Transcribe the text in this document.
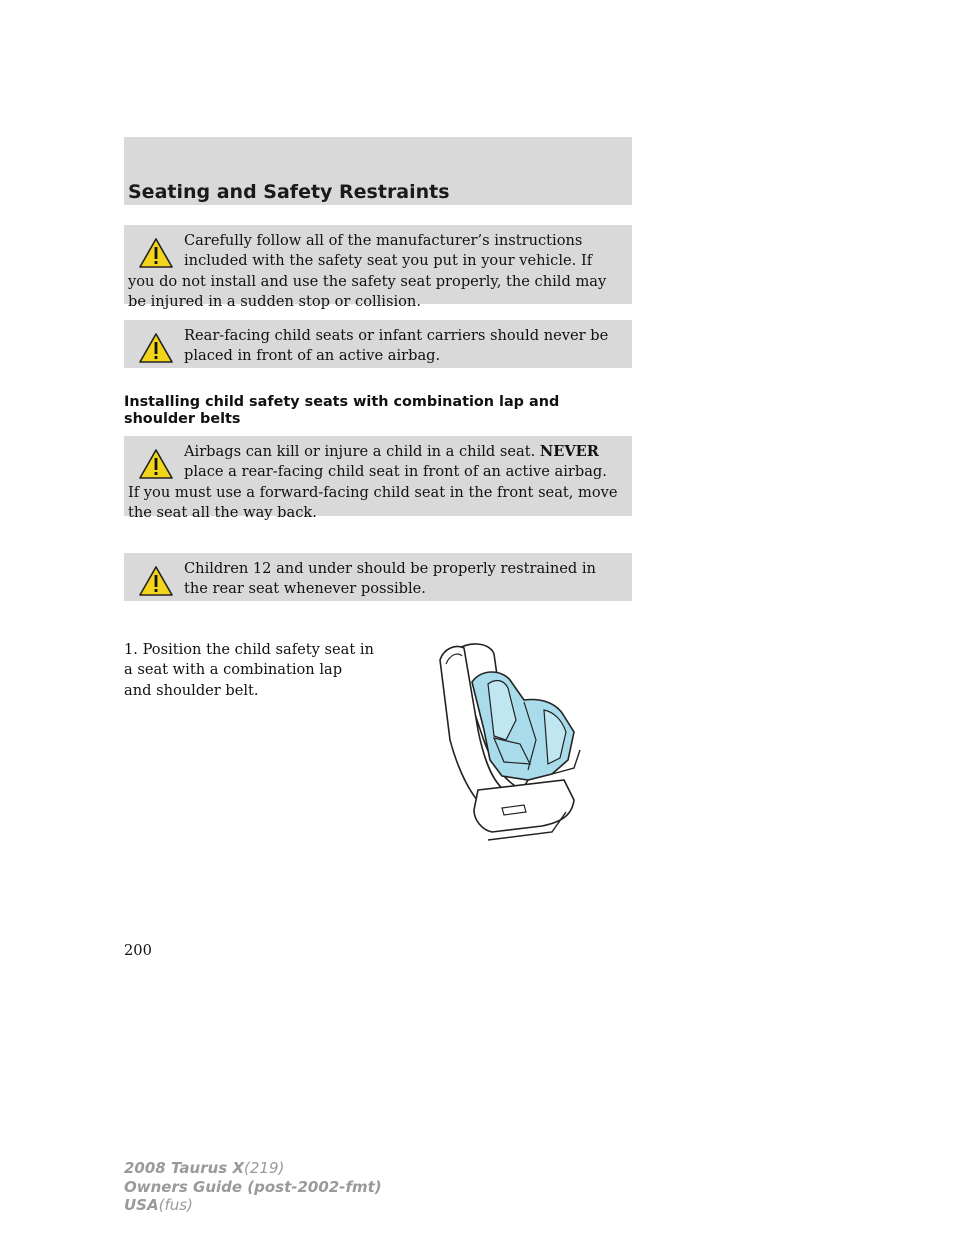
Seating and Safety Restraints

Carefully follow all of the manufacturer’s instructions included with the safety seat you put in your vehicle. If you do not install and use the safety seat properly, the child may be injured in a sudden stop or collision.

Rear-facing child seats or infant carriers should never be placed in front of an active airbag.

Installing child safety seats with combination lap and shoulder belts

Airbags can kill or injure a child in a child seat. NEVER place a rear-facing child seat in front of an active airbag. If you must use a forward-facing child seat in the front seat, move the seat all the way back.

Children 12 and under should be properly restrained in the rear seat whenever possible.

1. Position the child safety seat in a seat with a combination lap and shoulder belt.

200
2008 Taurus X(219)
Owners Guide (post-2002-fmt)
USA(fus)
